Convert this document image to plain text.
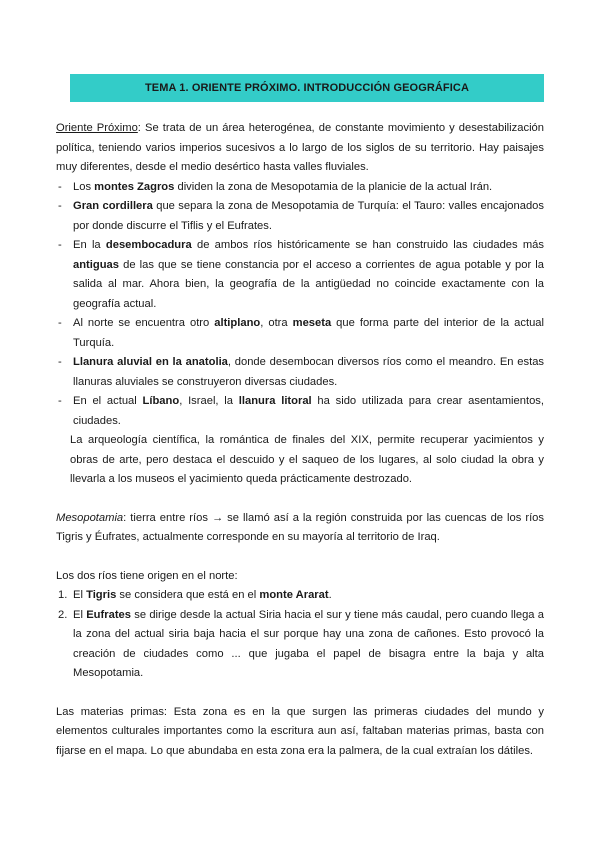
TEMA 1. ORIENTE PRÓXIMO. INTRODUCCIÓN GEOGRÁFICA

Oriente Próximo: Se trata de un área heterogénea, de constante movimiento y desestabilización política, teniendo varios imperios sucesivos a lo largo de los siglos de su territorio. Hay paisajes muy diferentes, desde el medio desértico hasta valles fluviales.

- Los montes Zagros dividen la zona de Mesopotamia de la planicie de la actual Irán.
- Gran cordillera que separa la zona de Mesopotamia de Turquía: el Tauro: valles encajonados por donde discurre el Tiflis y el Eufrates.
- En la desembocadura de ambos ríos históricamente se han construido las ciudades más antiguas de las que se tiene constancia por el acceso a corrientes de agua potable y por la salida al mar. Ahora bien, la geografía de la antigüedad no coincide exactamente con la geografía actual.
- Al norte se encuentra otro altiplano, otra meseta que forma parte del interior de la actual Turquía.
- Llanura aluvial en la anatolia, donde desembocan diversos ríos como el meandro. En estas llanuras aluviales se construyeron diversas ciudades.
- En el actual Líbano, Israel, la llanura litoral ha sido utilizada para crear asentamientos, ciudades.

La arqueología científica, la romántica de finales del XIX, permite recuperar yacimientos y obras de arte, pero destaca el descuido y el saqueo de los lugares, al solo ciudad la obra y llevarla a los museos el yacimiento queda prácticamente destrozado.

Mesopotamia: tierra entre ríos → se llamó así a la región construida por las cuencas de los ríos Tigris y Éufrates, actualmente corresponde en su mayoría al territorio de Iraq.

Los dos ríos tiene origen en el norte:

1. El Tigris se considera que está en el monte Ararat.
2. El Eufrates se dirige desde la actual Siria hacia el sur y tiene más caudal, pero cuando llega a la zona del actual siria baja hacia el sur porque hay una zona de cañones. Esto provocó la creación de ciudades como ... que jugaba el papel de bisagra entre la baja y alta Mesopotamia.

Las materias primas: Esta zona es en la que surgen las primeras ciudades del mundo y elementos culturales importantes como la escritura aun así, faltaban materias primas, basta con fijarse en el mapa. Lo que abundaba en esta zona era la palmera, de la cual extraían los dátiles.
